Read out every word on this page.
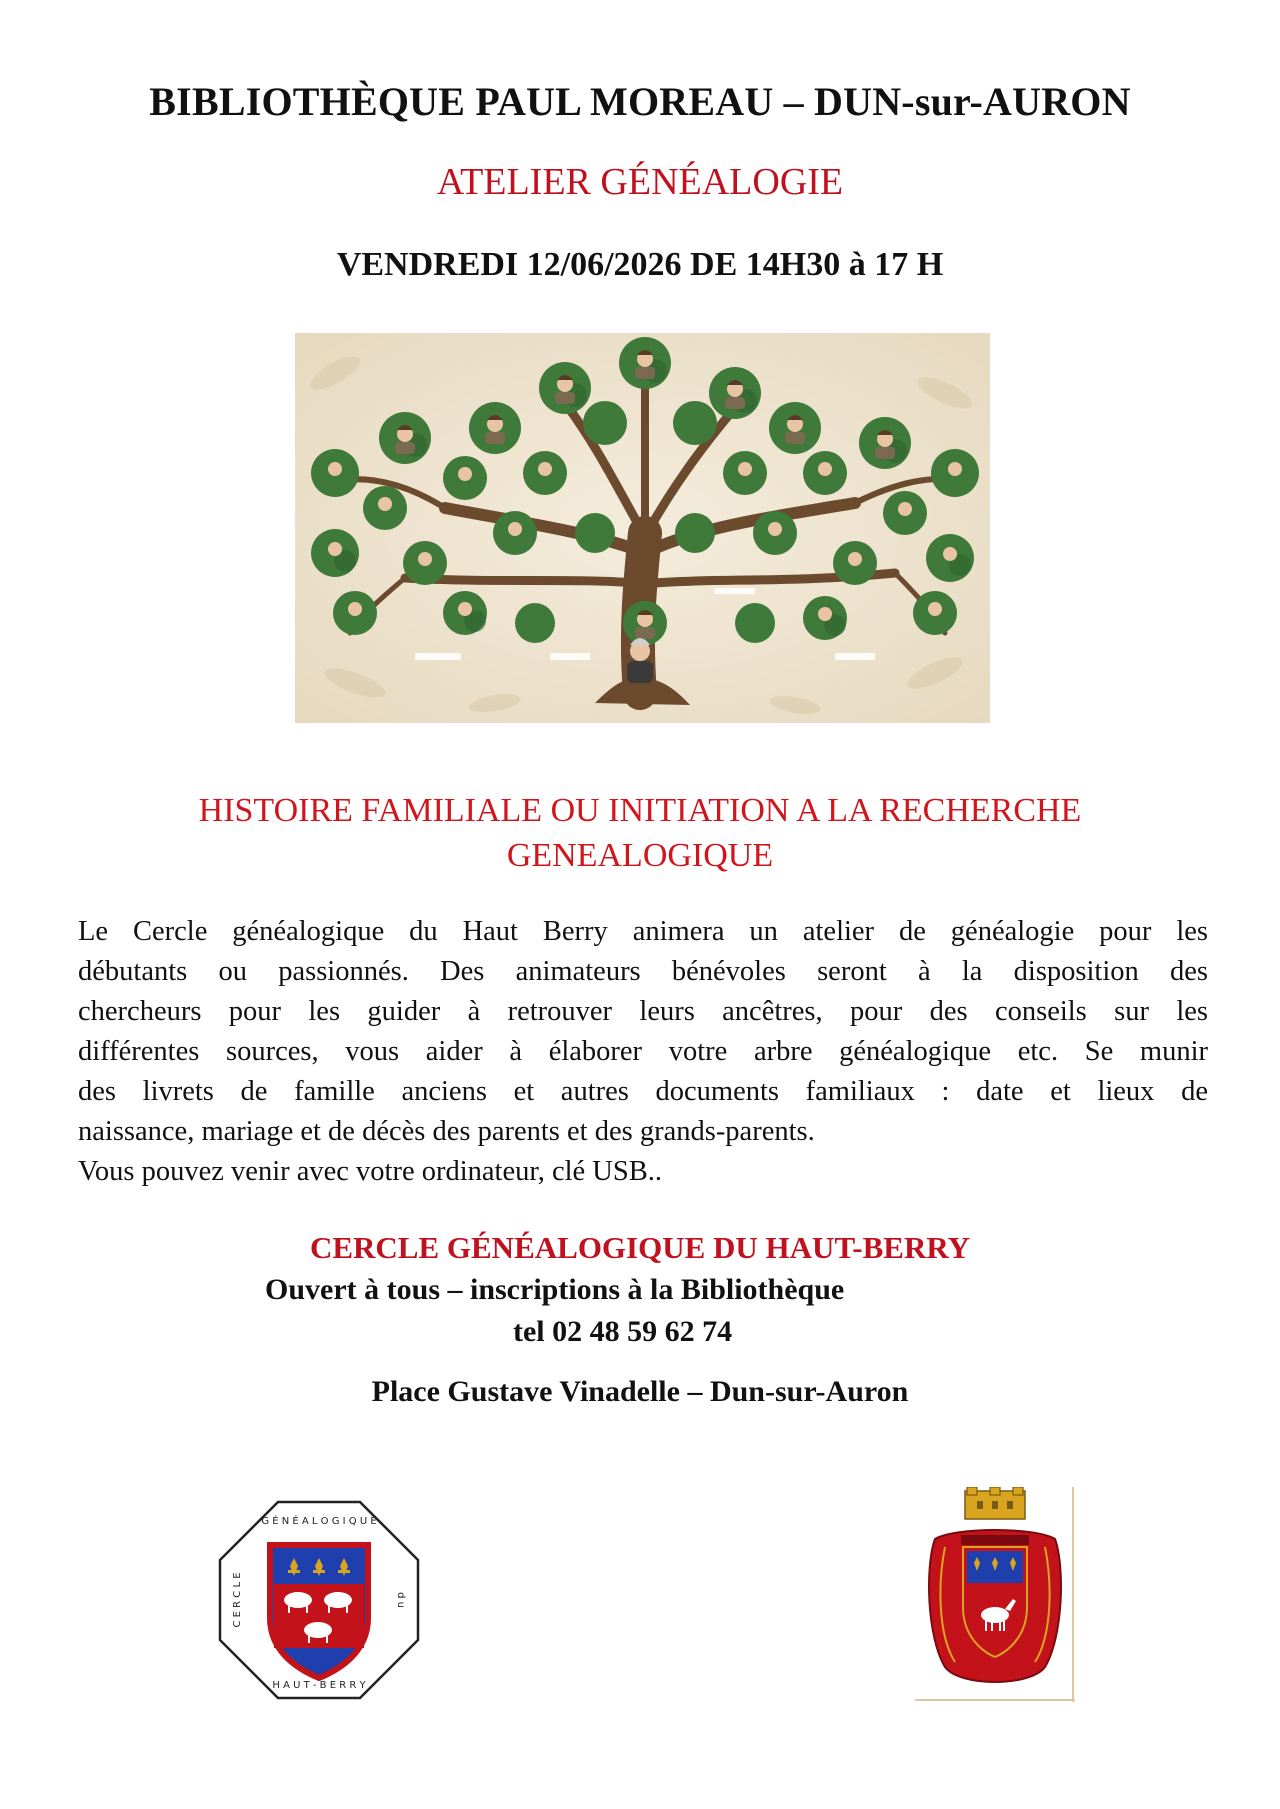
BIBLIOTHÈQUE PAUL MOREAU – DUN-sur-AURON
ATELIER GÉNÉALOGIE
VENDREDI 12/06/2026 DE 14H30 à 17 H
HISTOIRE FAMILIALE OU INITIATION A LA RECHERCHE
GENEALOGIQUE
Le Cercle généalogique du Haut Berry animera un atelier de généalogie pour les
débutants ou passionnés. Des animateurs bénévoles seront à la disposition des
chercheurs pour les guider à retrouver leurs ancêtres, pour des conseils sur les
différentes sources, vous aider à élaborer votre arbre généalogique etc. Se munir
des livrets de famille anciens et autres documents familiaux : date et lieux de
naissance, mariage et de décès des parents et des grands-parents.
Vous pouvez venir avec votre ordinateur, clé USB..
CERCLE GÉNÉALOGIQUE DU HAUT-BERRY
Ouvert à tous – inscriptions à la Bibliothèque
tel 02 48 59 62 74
Place Gustave Vinadelle – Dun-sur-Auron
G É N É A L O G I Q U E
C E R C L E
H A U T - B E R R Y
d u
